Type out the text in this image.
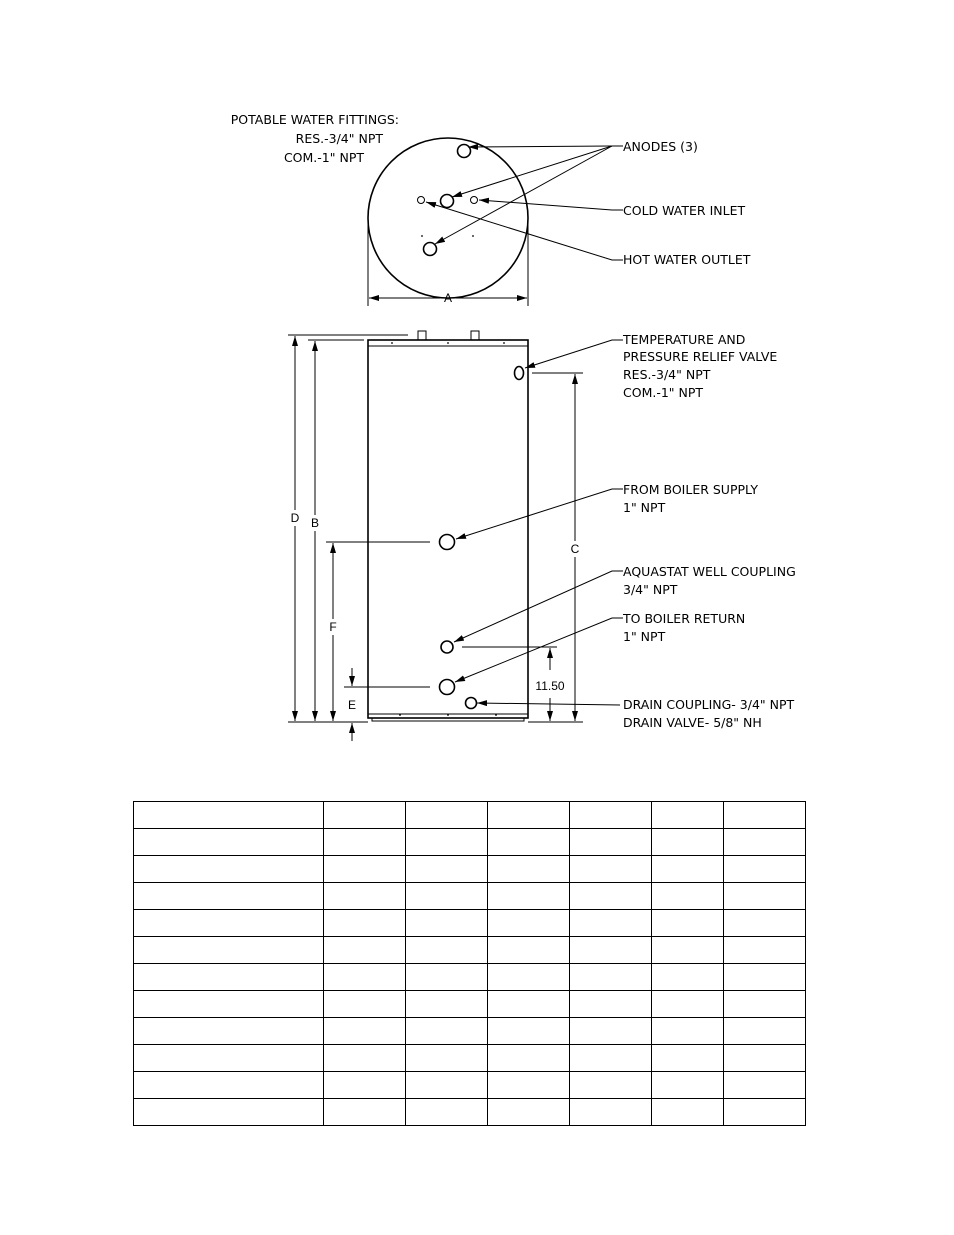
POTABLE WATER FITTINGS: RES.-3/4" NPT COM.-1" NPT
ANODES (3)
COLD WATER INLET
HOT WATER OUTLET
A
D B
F
E
C
11.50
TEMPERATURE AND PRESSURE RELIEF VALVE RES.-3/4" NPT COM.-1" NPT
FROM BOILER SUPPLY 1" NPT
AQUASTAT WELL COUPLING 3/4" NPT
TO BOILER RETURN 1" NPT
DRAIN COUPLING- 3/4" NPT DRAIN VALVE- 5/8" NH
